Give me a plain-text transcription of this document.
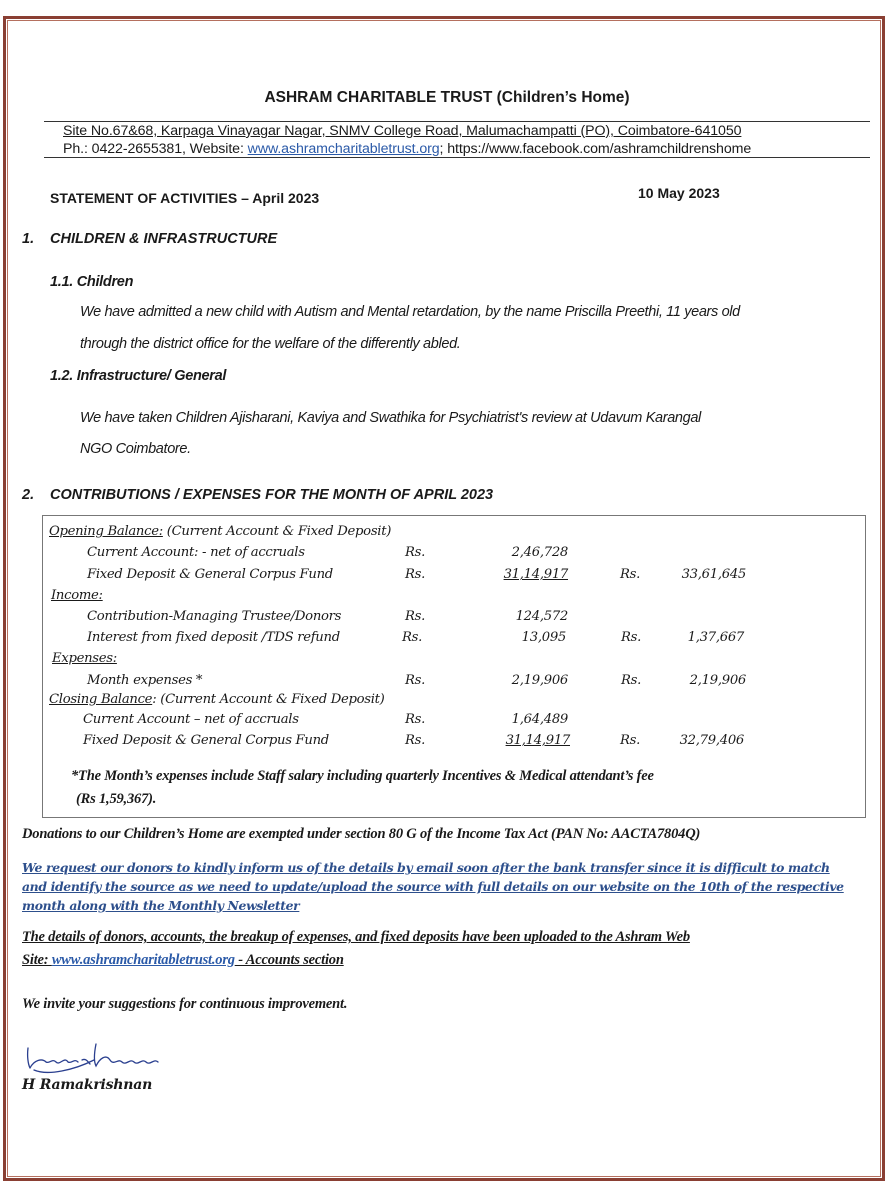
ASHRAM CHARITABLE TRUST (Children’s Home)
Site No.67&68, Karpaga Vinayagar Nagar, SNMV College Road, Malumachampatti (PO), Coimbatore-641050
Ph.: 0422-2655381, Website: www.ashramcharitabletrust.org; https://www.facebook.com/ashramchildrenshome
STATEMENT OF ACTIVITIES – April 2023	10 May 2023
1. CHILDREN & INFRASTRUCTURE
1.1. Children
We have admitted a new child with Autism and Mental retardation, by the name Priscilla Preethi, 11 years old
through the district office for the welfare of the differently abled.
1.2. Infrastructure/ General
We have taken Children Ajisharani, Kaviya and Swathika for Psychiatrist's review at Udavum Karangal
NGO Coimbatore.
2. CONTRIBUTIONS / EXPENSES FOR THE MONTH OF APRIL 2023
Opening Balance: (Current Account & Fixed Deposit)
Current Account: - net of accruals	Rs.	2,46,728
Fixed Deposit & General Corpus Fund	Rs.	31,14,917	Rs.	33,61,645
Income:
Contribution-Managing Trustee/Donors	Rs.	124,572
Interest from fixed deposit /TDS refund	Rs.	13,095	Rs.	1,37,667
Expenses:
Month expenses *	Rs.	2,19,906	Rs.	2,19,906
Closing Balance: (Current Account & Fixed Deposit)
Current Account – net of accruals	Rs.	1,64,489
Fixed Deposit & General Corpus Fund	Rs.	31,14,917	Rs.	32,79,406
*The Month’s expenses include Staff salary including quarterly Incentives & Medical attendant’s fee
(Rs 1,59,367).
Donations to our Children’s Home are exempted under section 80 G of the Income Tax Act (PAN No: AACTA7804Q)
We request our donors to kindly inform us of the details by email soon after the bank transfer since it is difficult to match
and identify the source as we need to update/upload the source with full details on our website on the 10th of the respective
month along with the Monthly Newsletter
The details of donors, accounts, the breakup of expenses, and fixed deposits have been uploaded to the Ashram Web
Site: www.ashramcharitabletrust.org - Accounts section
We invite your suggestions for continuous improvement.
H Ramakrishnan
